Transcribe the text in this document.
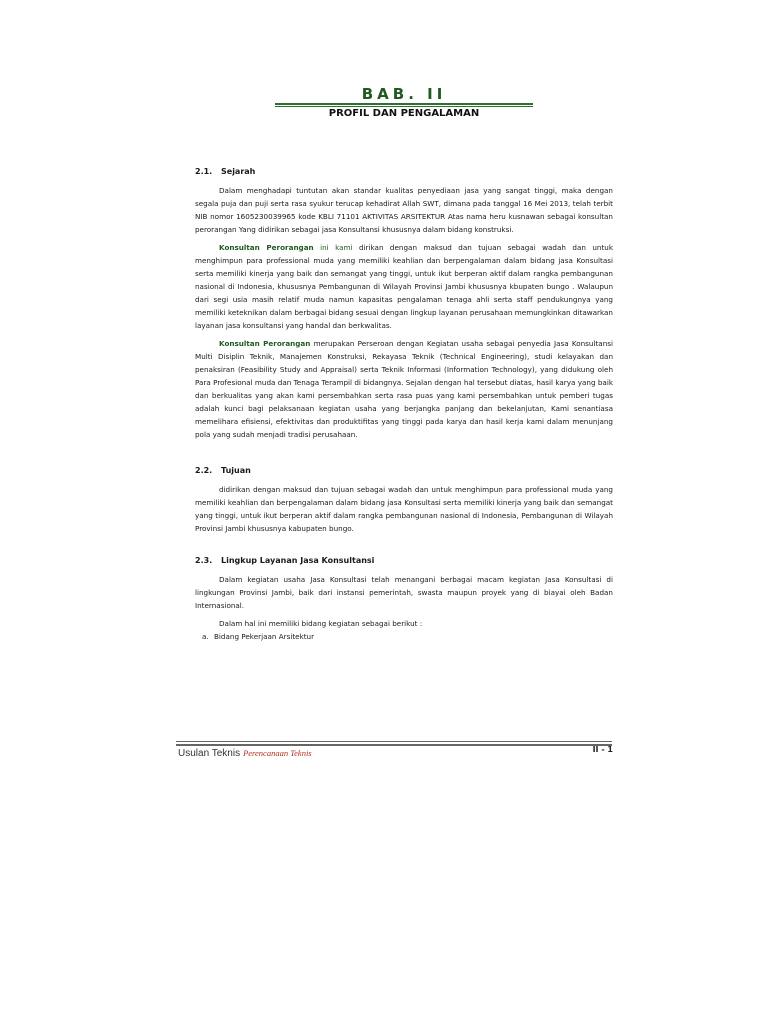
BAB. II
PROFIL DAN PENGALAMAN
2.1. Sejarah

Dalam menghadapi tuntutan akan standar kualitas penyediaan jasa yang sangat tinggi, maka dengan segala puja dan puji serta rasa syukur terucap kehadirat Allah SWT, dimana pada tanggal 16 Mei 2013, telah terbit NIB nomor 1605230039965 kode KBLI 71101 AKTIVITAS ARSITEKTUR Atas nama heru kusnawan sebagai konsultan perorangan Yang didirikan sebagai jasa Konsultansi khususnya dalam bidang konstruksi.

Konsultan Perorangan ini kami dirikan dengan maksud dan tujuan sebagai wadah dan untuk menghimpun para professional muda yang memiliki keahlian dan berpengalaman dalam bidang jasa Konsultasi serta memiliki kinerja yang baik dan semangat yang tinggi, untuk ikut berperan aktif dalam rangka pembangunan nasional di Indonesia, khususnya Pembangunan di Wilayah Provinsi Jambi khususnya kbupaten bungo . Walaupun dari segi usia masih relatif muda namun kapasitas pengalaman tenaga ahli serta staff pendukungnya yang memiliki keteknikan dalam berbagai bidang sesuai dengan lingkup layanan perusahaan memungkinkan ditawarkan layanan jasa konsultansi yang handal dan berkwalitas.

Konsultan Perorangan merupakan Perseroan dengan Kegiatan usaha sebagai penyedia Jasa Konsultansi Multi Disiplin Teknik, Manajemen Konstruksi, Rekayasa Teknik (Technical Engineering), studi kelayakan dan penaksiran (Feasibility Study and Appraisal) serta Teknik Informasi (Information Technology), yang didukung oleh Para Profesional muda dan Tenaga Terampil di bidangnya. Sejalan dengan hal tersebut diatas, hasil karya yang baik dan berkualitas yang akan kami persembahkan serta rasa puas yang kami persembahkan untuk pemberi tugas adalah kunci bagi pelaksanaan kegiatan usaha yang berjangka panjang dan bekelanjutan, Kami senantiasa memelihara efisiensi, efektivitas dan produktifitas yang tinggi pada karya dan hasil kerja kami dalam menunjang pola yang sudah menjadi tradisi perusahaan.

2.2. Tujuan

didirikan dengan maksud dan tujuan sebagai wadah dan untuk menghimpun para professional muda yang memiliki keahlian dan berpengalaman dalam bidang jasa Konsultasi serta memiliki kinerja yang baik dan semangat yang tinggi, untuk ikut berperan aktif dalam rangka pembangunan nasional di Indonesia, Pembangunan di Wilayah Provinsi Jambi khususnya kabupaten bungo.

2.3. Lingkup Layanan Jasa Konsultansi

Dalam kegiatan usaha Jasa Konsultasi telah menangani berbagai macam kegiatan Jasa Konsultasi di lingkungan Provinsi Jambi, baik dari instansi pemerintah, swasta maupun proyek yang di biayai oleh Badan Internasional.

Dalam hal ini memiliki bidang kegiatan sebagai berikut :
a. Bidang Pekerjaan Arsitektur
Usulan Teknis Perencanaan Teknis	II - 1
